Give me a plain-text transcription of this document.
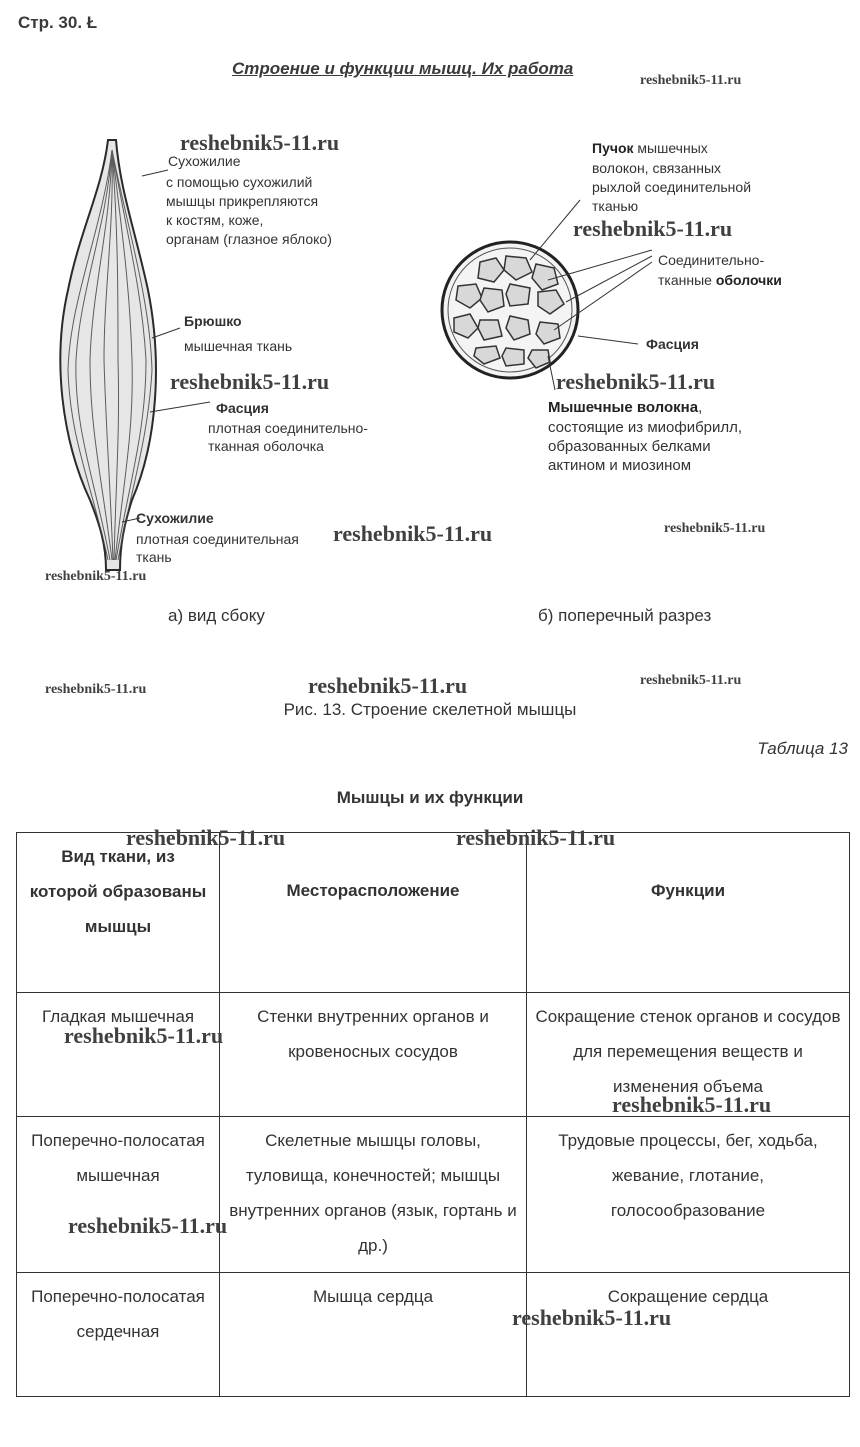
Стр. 30. Ł
Строение и функции мышц. Их работа
reshebnik5-11.ru
reshebnik5-11.ru
reshebnik5-11.ru
reshebnik5-11.ru	reshebnik5-11.ru
reshebnik5-11.ru	reshebnik5-11.ru
reshebnik5-11.ru
reshebnik5-11.ru	reshebnik5-11.ru	reshebnik5-11.ru
Сухожилие
с помощью сухожилий
мышцы прикрепляются
к костям, коже,
органам (глазное яблоко)
Брюшко
мышечная ткань
Фасция
плотная соединительно-
тканная оболочка
Сухожилие
плотная соединительная
ткань
а) вид сбоку
Пучок мышечных
волокон, связанных
рыхлой соединительной
тканью
Соединительно-
тканные оболочки
Фасция
Мышечные волокна,
состоящие из миофибрилл,
образованных белками
актином и миозином
б) поперечный разрез
Рис. 13. Строение скелетной мышцы
Таблица 13
Мышцы и их функции
Вид ткани, из которой образованы мышцы	Месторасположение	Функции
Гладкая мышечная	Стенки внутренних органов и кровеносных сосудов	Сокращение стенок органов и сосудов для перемещения веществ и изменения объема
Поперечно-полосатая мышечная	Скелетные мышцы головы, туловища, конечностей; мышцы внутренних органов (язык, гортань и др.)	Трудовые процессы, бег, ходьба, жевание, глотание, голосообразование
Поперечно-полосатая сердечная	Мышца сердца	Сокращение сердца
reshebnik5-11.ru	reshebnik5-11.ru
reshebnik5-11.ru
reshebnik5-11.ru
reshebnik5-11.ru
reshebnik5-11.ru
